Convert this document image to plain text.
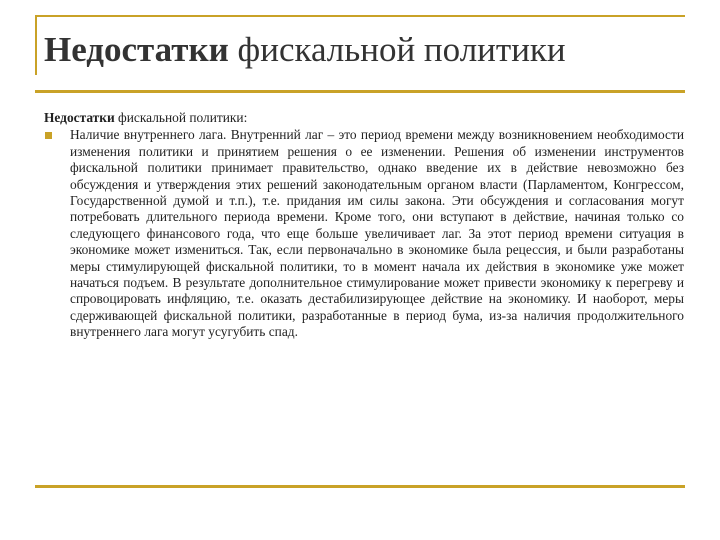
Недостатки фискальной политики
Недостатки фискальной политики:
Наличие внутреннего лага. Внутренний лаг – это период времени между возникновением необходимости изменения политики и принятием решения о ее изменении. Решения об изменении инструментов фискальной политики принимает правительство, однако введение их в действие невозможно без обсуждения и утверждения этих решений законодательным органом власти (Парламентом, Конгрессом, Государственной думой и т.п.), т.е. придания им силы закона. Эти обсуждения и согласования могут потребовать длительного периода времени. Кроме того, они вступают в действие, начиная только со следующего финансового года, что еще больше увеличивает лаг. За этот период времени ситуация в экономике может измениться. Так, если первоначально в экономике была рецессия, и были разработаны меры стимулирующей фискальной политики, то в момент начала их действия в экономике уже может начаться подъем. В результате дополнительное стимулирование может привести экономику к перегреву и спровоцировать инфляцию, т.е. оказать дестабилизирующее действие на экономику. И наоборот, меры сдерживающей фискальной политики, разработанные в период бума, из-за наличия продолжительного внутреннего лага могут усугубить спад.
